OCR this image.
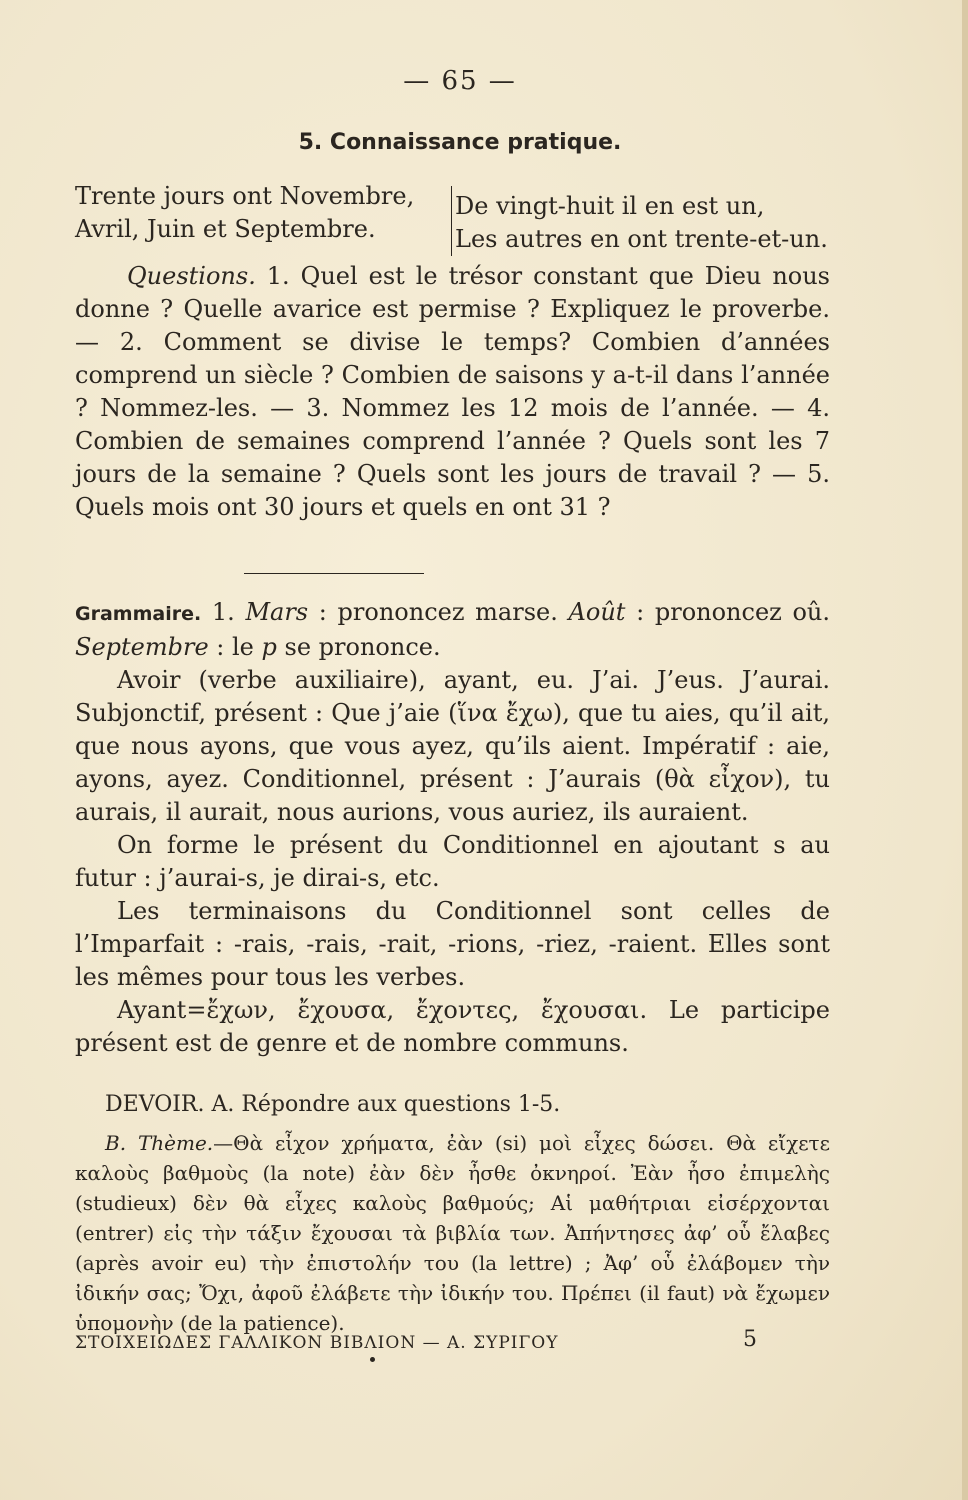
— 65 —
5. Connaissance pratique.
Trente jours ont Novembre,
Avril, Juin et Septembre.
De vingt-huit il en est un,
Les autres en ont trente-et-un.
Questions. 1. Quel est le trésor constant que Dieu nous donne ? Quelle avarice est permise ? Expliquez le proverbe. — 2. Comment se divise le temps? Combien d’années comprend un siècle ? Combien de saisons y a-t-il dans l’année ? Nommez-les. — 3. Nommez les 12 mois de l’année. — 4. Combien de semaines comprend l’année ? Quels sont les 7 jours de la semaine ? Quels sont les jours de travail ? — 5. Quels mois ont 30 jours et quels en ont 31 ?

Grammaire. 1. Mars : prononcez marse. Août : prononcez oû. Septembre : le p se prononce.

Avoir (verbe auxiliaire), ayant, eu. J’ai. J’eus. J’aurai. Subjonctif, présent : Que j’aie (ἵνα ἔχω), que tu aies, qu’il ait, que nous ayons, que vous ayez, qu’ils aient. Impératif : aie, ayons, ayez. Conditionnel, présent : J’aurais (θὰ εἶχον), tu aurais, il aurait, nous aurions, vous auriez, ils auraient.

On forme le présent du Conditionnel en ajoutant s au futur : j’aurai-s, je dirai-s, etc.

Les terminaisons du Conditionnel sont celles de l’Imparfait : -rais, -rais, -rait, -rions, -riez, -raient. Elles sont les mêmes pour tous les verbes.

Ayant=ἔχων, ἔχουσα, ἔχοντες, ἔχουσαι. Le participe présent est de genre et de nombre communs.

DEVOIR. A. Répondre aux questions 1-5.
B. Thème.—Θὰ εἶχον χρήματα, ἐὰν (si) μοὶ εἶχες δώσει. Θὰ εἴχετε καλοὺς βαθμοὺς (la note) ἐὰν δὲν ἦσθε ὀκνηροί. Ἐὰν ἦσο ἐπιμελὴς (studieux) δὲν θὰ εἶχες καλοὺς βαθμούς; Αἱ μαθήτριαι εἰσέρχονται (entrer) εἰς τὴν τάξιν ἔχουσαι τὰ βιβλία των. Ἀπήντησες ἀφ’ οὗ ἔλαβες (après avoir eu) τὴν ἐπιστολήν του (la lettre) ; Ἀφ’ οὗ ἐλάβομεν τὴν ἰδικήν σας; Ὄχι, ἀφοῦ ἐλάβετε τὴν ἰδικήν του. Πρέπει (il faut) νὰ ἔχωμεν ὑπομονὴν (de la patience).
ΣΤΟΙΧΕΙΩΔΕΣ ΓΑΛΛΙΚΟΝ ΒΙΒΛΙΟΝ — Α. ΣΥΡΙΓΟΥ	5
